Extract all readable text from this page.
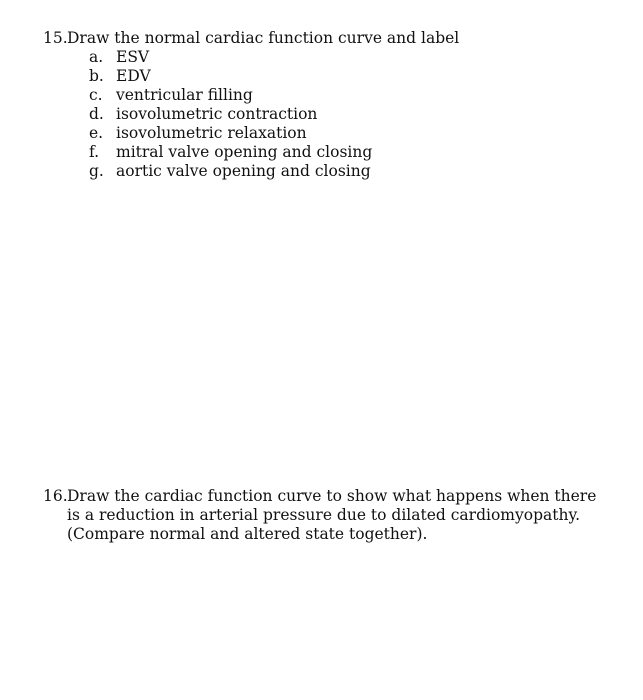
15. Draw the normal cardiac function curve and label
a. ESV
b. EDV
c. ventricular filling
d. isovolumetric contraction
e. isovolumetric relaxation
f.	mitral valve opening and closing
g. aortic valve opening and closing
16. Draw the cardiac function curve to show what happens when there is a reduction in arterial pressure due to dilated cardiomyopathy. (Compare normal and altered state together).
